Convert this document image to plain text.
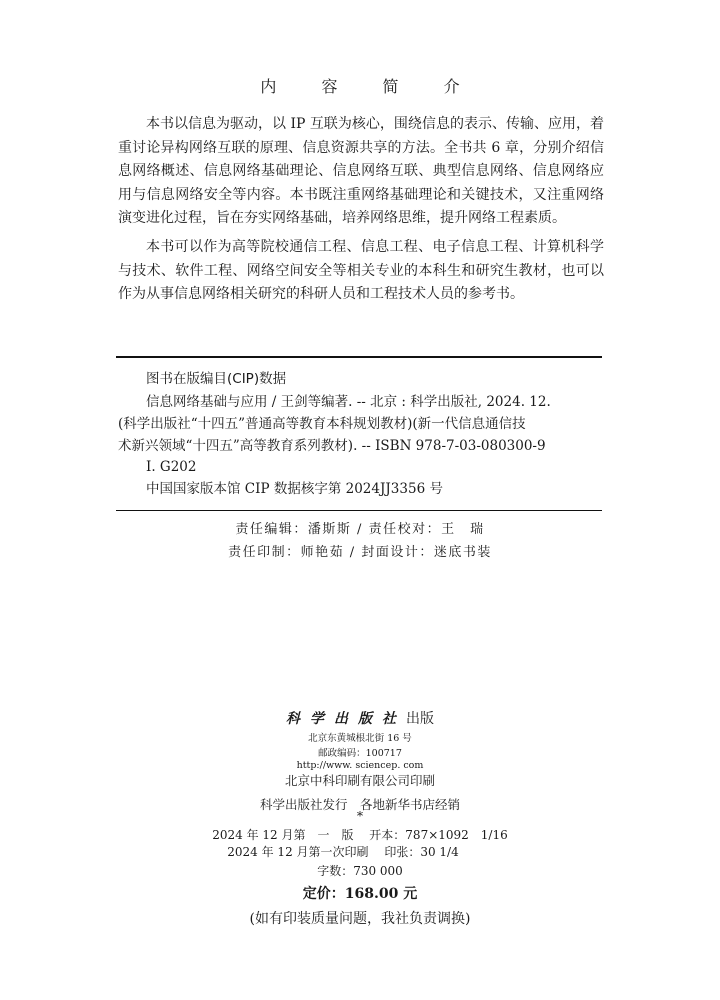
内 容 简 介

本书以信息为驱动，以 IP 互联为核心，围绕信息的表示、传输、应用，着重讨论异构网络互联的原理、信息资源共享的方法。全书共 6 章，分别介绍信息网络概述、信息网络基础理论、信息网络互联、典型信息网络、信息网络应用与信息网络安全等内容。本书既注重网络基础理论和关键技术，又注重网络演变进化过程，旨在夯实网络基础，培养网络思维，提升网络工程素质。

本书可以作为高等院校通信工程、信息工程、电子信息工程、计算机科学与技术、软件工程、网络空间安全等相关专业的本科生和研究生教材，也可以作为从事信息网络相关研究的科研人员和工程技术人员的参考书。

图书在版编目(CIP)数据
信息网络基础与应用 / 王剑等编著. -- 北京 : 科学出版社, 2024. 12.
(科学出版社“十四五”普通高等教育本科规划教材)(新一代信息通信技
术新兴领域“十四五”高等教育系列教材). -- ISBN 978-7-03-080300-9
Ⅰ. G202
中国国家版本馆 CIP 数据核字第 2024JJ3356 号
责任编辑：潘斯斯 / 责任校对：王　瑞
责任印制：师艳茹 / 封面设计：迷底书装
科学出版社出版
北京东黄城根北街 16 号
邮政编码：100717
http://www. sciencep. com
北京中科印刷有限公司印刷
科学出版社发行　各地新华书店经销
*
2024 年 12 月第　一　版　 开本：787×1092　1/16
2024 年 12 月第一次印刷　 印张：30 1/4
字数：730 000
定价：168.00 元
(如有印装质量问题，我社负责调换)
